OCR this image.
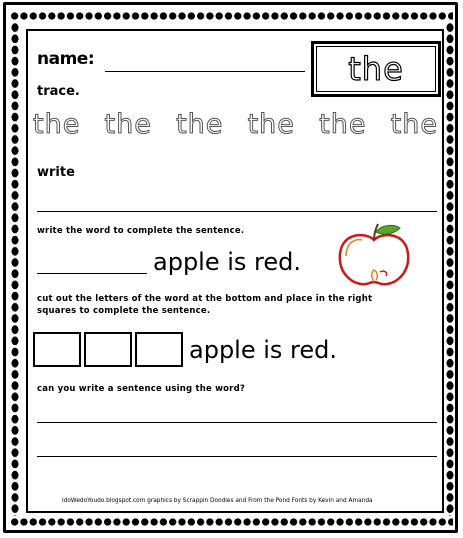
name:	the
trace.
the the the the the the
write
write the word to complete the sentence.
apple is red.
cut out the letters of the word at the bottom and place in the right
squares to complete the sentence.
apple is red.
can you write a sentence using the word?
IdoWedoYoudo.blogspot.com graphics by Scrappin Doodles and From the Pond Fonts by Kevin and Amanda
